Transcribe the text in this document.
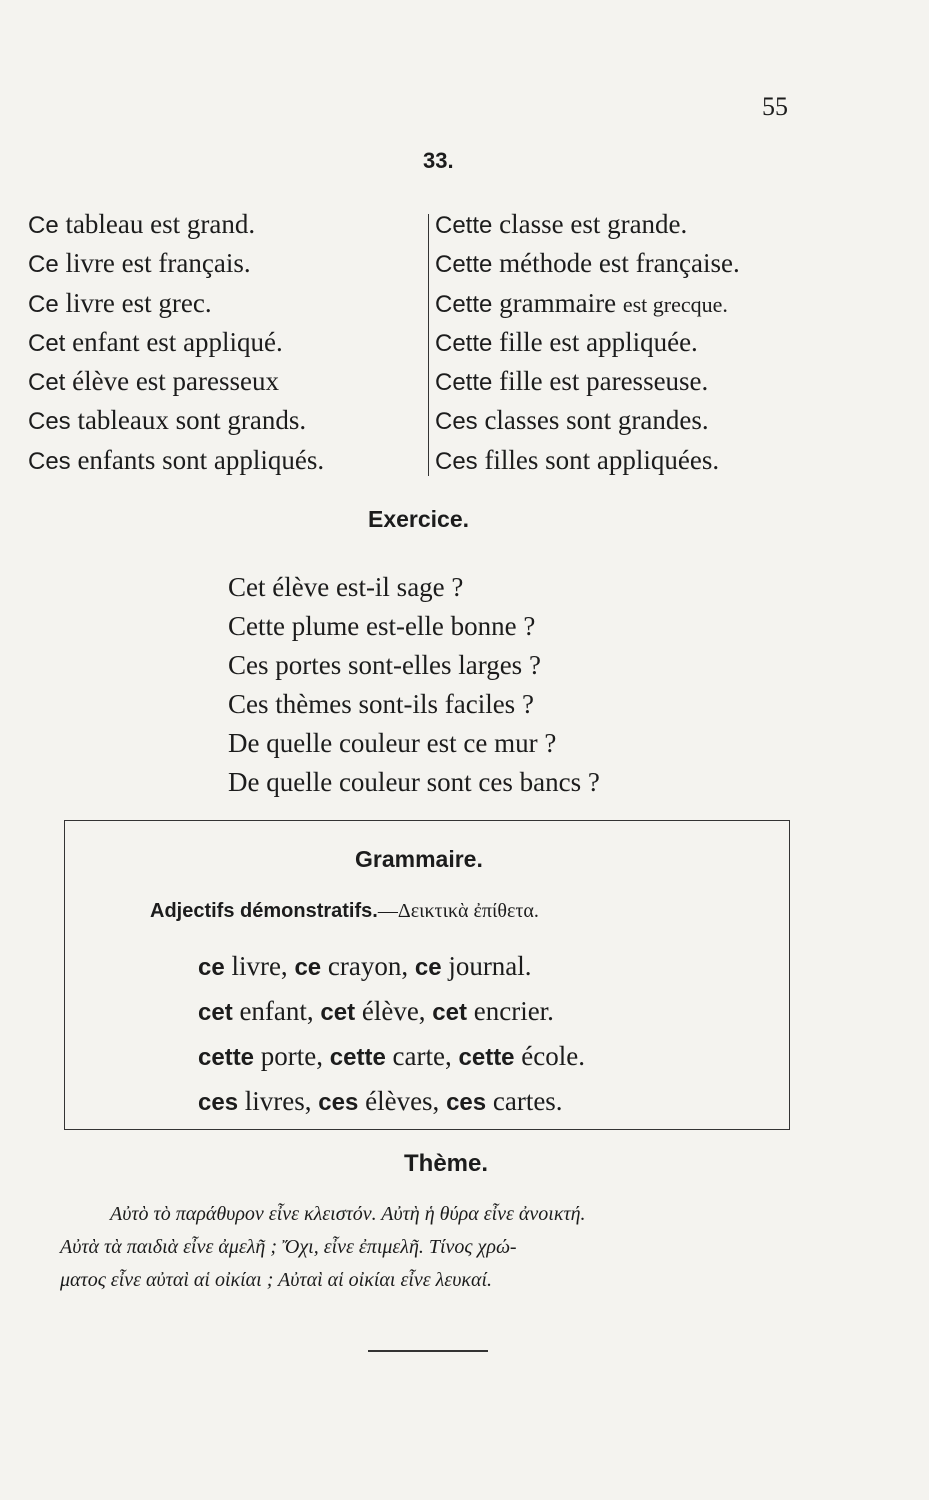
55
33.
Ce tableau est grand.
Ce livre est français.
Ce livre est grec.
Cet enfant est appliqué.
Cet élève est paresseux
Ces tableaux sont grands.
Ces enfants sont appliqués.
Cette classe est grande.
Cette méthode est française.
Cette grammaire est grecque.
Cette fille est appliquée.
Cette fille est paresseuse.
Ces classes sont grandes.
Ces filles sont appliquées.
Exercice.
Cet élève est-il sage ?
Cette plume est-elle bonne ?
Ces portes sont-elles larges ?
Ces thèmes sont-ils faciles ?
De quelle couleur est ce mur ?
De quelle couleur sont ces bancs ?
Grammaire.
Adjectifs démonstratifs.—Δεικτικὰ ἐπίθετα.
ce livre, ce crayon, ce journal.
cet enfant, cet élève, cet encrier.
cette porte, cette carte, cette école.
ces livres, ces élèves, ces cartes.
Thème.
Αὐτὸ τὸ παράθυρον εἶνε κλειστόν. Αὐτὴ ἡ θύρα εἶνε ἀνοικτή.
Αὐτὰ τὰ παιδιὰ εἶνε ἀμελῆ ; Ὄχι, εἶνε ἐπιμελῆ. Τίνος χρώ-
ματος εἶνε αὐταὶ αἱ οἰκίαι ; Αὐταὶ αἱ οἰκίαι εἶνε λευκαί.
